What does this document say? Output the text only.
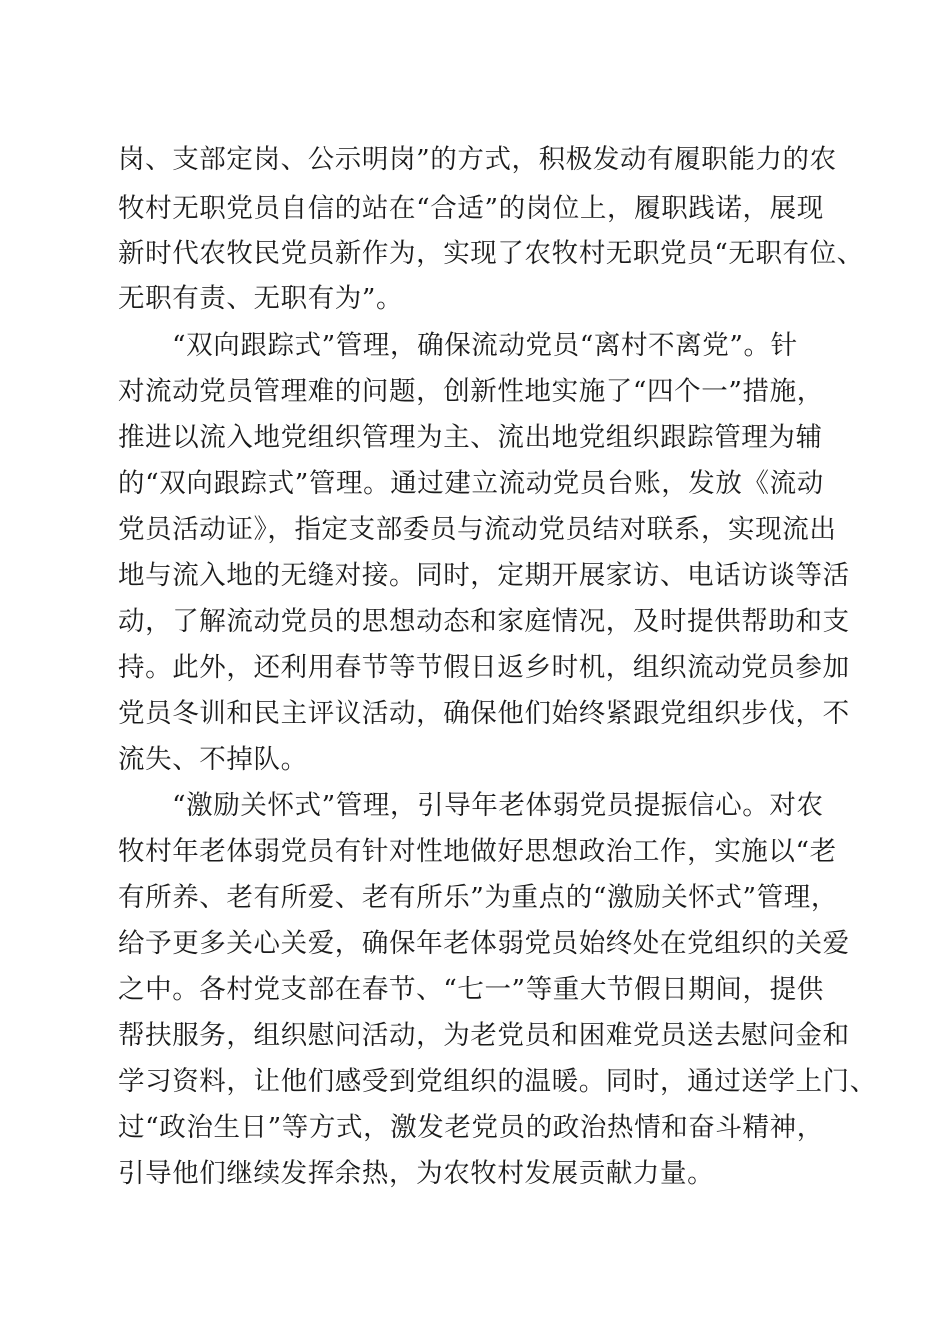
岗、支部定岗、公示明岗”的方式，积极发动有履职能力的农
牧村无职党员自信的站在“合适”的岗位上，履职践诺，展现
新时代农牧民党员新作为，实现了农牧村无职党员“无职有位、
无职有责、无职有为”。
“双向跟踪式”管理，确保流动党员“离村不离党”。针
对流动党员管理难的问题，创新性地实施了“四个一”措施，
推进以流入地党组织管理为主、流出地党组织跟踪管理为辅
的“双向跟踪式”管理。通过建立流动党员台账，发放《流动
党员活动证》，指定支部委员与流动党员结对联系，实现流出
地与流入地的无缝对接。同时，定期开展家访、电话访谈等活
动，了解流动党员的思想动态和家庭情况，及时提供帮助和支
持。此外，还利用春节等节假日返乡时机，组织流动党员参加
党员冬训和民主评议活动，确保他们始终紧跟党组织步伐，不
流失、不掉队。
“激励关怀式”管理，引导年老体弱党员提振信心。对农
牧村年老体弱党员有针对性地做好思想政治工作，实施以“老
有所养、老有所爱、老有所乐”为重点的“激励关怀式”管理，
给予更多关心关爱，确保年老体弱党员始终处在党组织的关爱
之中。各村党支部在春节、“七一”等重大节假日期间，提供
帮扶服务，组织慰问活动，为老党员和困难党员送去慰问金和
学习资料，让他们感受到党组织的温暖。同时，通过送学上门、
过“政治生日”等方式，激发老党员的政治热情和奋斗精神，
引导他们继续发挥余热，为农牧村发展贡献力量。
